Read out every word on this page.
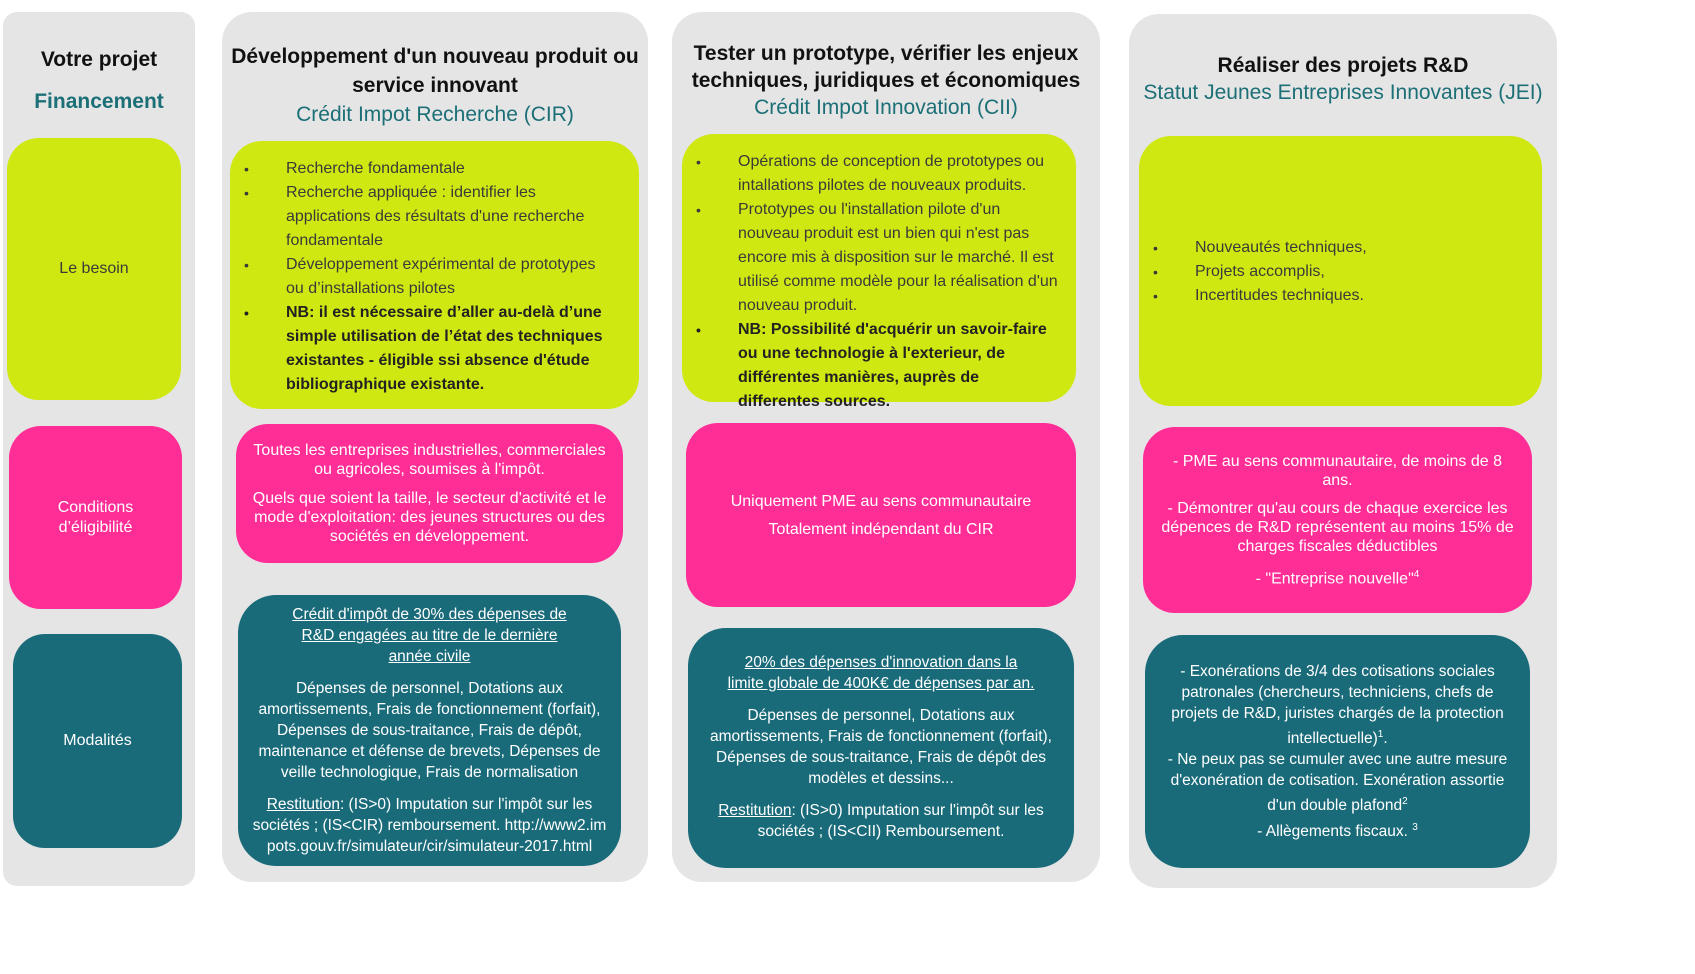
Votre projet
Financement
Le besoin
Conditions
d’éligibilité
Modalités
Développement d'un nouveau produit ou
service innovant
Crédit Impot Recherche (CIR)
• Recherche fondamentale
• Recherche appliquée : identifier les applications des résultats d'une recherche fondamentale
• Développement expérimental de prototypes ou d’installations pilotes
• NB: il est nécessaire d’aller au-delà d’une simple utilisation de l’état des techniques existantes - éligible ssi absence d'étude bibliographique existante.

Toutes les entreprises industrielles, commerciales ou agricoles, soumises à l'impôt.

Quels que soient la taille, le secteur d'activité et le mode d'exploitation: des jeunes structures ou des sociétés en développement.

Crédit d'impôt de 30% des dépenses de R&D engagées au titre de le dernière année civile

Dépenses de personnel, Dotations aux amortissements, Frais de fonctionnement (forfait), Dépenses de sous-traitance, Frais de dépôt, maintenance et défense de brevets, Dépenses de veille technologique, Frais de normalisation

Restitution: (IS>0) Imputation sur l'impôt sur les sociétés ; (IS<CIR) remboursement. http://www2.impots.gouv.fr/simulateur/cir/simulateur-2017.html

Tester un prototype, vérifier les enjeux
techniques, juridiques et économiques
Crédit Impot Innovation (CII)
• Opérations de conception de prototypes ou intallations pilotes de nouveaux produits.
• Prototypes ou l'installation pilote d'un nouveau produit est un bien qui n'est pas encore mis à disposition sur le marché. Il est utilisé comme modèle pour la réalisation d'un nouveau produit.
• NB: Possibilité d'acquérir un savoir-faire ou une technologie à l'exterieur, de différentes manières, auprès de differentes sources.

Uniquement PME au sens communautaire

Totalement indépendant du CIR

20% des dépenses d'innovation dans la limite globale de 400K€ de dépenses par an.

Dépenses de personnel, Dotations aux amortissements, Frais de fonctionnement (forfait), Dépenses de sous-traitance, Frais de dépôt des modèles et dessins...

Restitution: (IS>0) Imputation sur l'impôt sur les sociétés ; (IS<CII) Remboursement.

Réaliser des projets R&D
Statut Jeunes Entreprises Innovantes (JEI)
• Nouveautés techniques,
• Projets accomplis,
• Incertitudes techniques.

- PME au sens communautaire, de moins de 8 ans.

- Démontrer qu'au cours de chaque exercice les dépences de R&D représentent au moins 15% de charges fiscales déductibles

- "Entreprise nouvelle"$^4$

- Exonérations de 3/4 des cotisations sociales patronales (chercheurs, techniciens, chefs de projets de R&D, juristes chargés de la protection intellectuelle)$^1$.

- Ne peux pas se cumuler avec une autre mesure d'exonération de cotisation. Exonération assortie d'un double plafond$^2$

- Allègements fiscaux. $^3$
